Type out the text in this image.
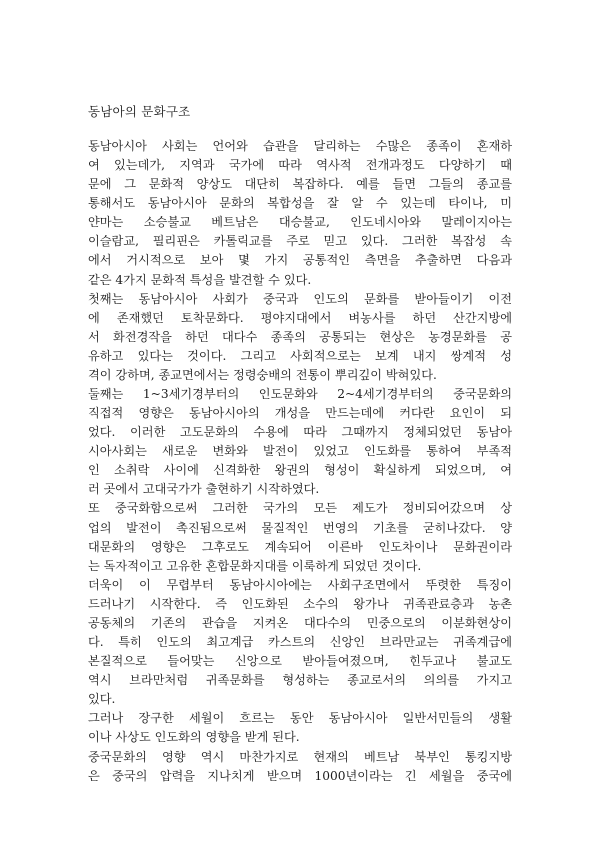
동남아의 문화구조
동남아시아 사회는 언어와 습관을 달리하는 수많은 종족이 혼재하
여 있는데가, 지역과 국가에 따라 역사적 전개과정도 다양하기 때
문에 그 문화적 양상도 대단히 복잡하다. 예를 들면 그들의 종교를
통해서도 동남아시아 문화의 복합성을 잘 알 수 있는데 타이나, 미
얀마는 소승불교 베트남은 대승불교, 인도네시아와 말레이지아는
이슬람교, 필리핀은 카톨릭교를 주로 믿고 있다. 그러한 복잡성 속
에서 거시적으로 보아 몇 가지 공통적인 측면을 추출하면 다음과
같은 4가지 문화적 특성을 발견할 수 있다.
첫째는 동남아시아 사회가 중국과 인도의 문화를 받아들이기 이전
에 존재했던 토착문화다. 평야지대에서 벼농사를 하던 산간지방에
서 화전경작을 하던 대다수 종족의 공통되는 현상은 농경문화를 공
유하고 있다는 것이다. 그리고 사회적으로는 보계 내지 쌍계적 성
격이 강하며, 종교면에서는 정령숭배의 전통이 뿌리깊이 박혀있다.
둘째는 1~3세기경부터의 인도문화와 2~4세기경부터의 중국문화의
직접적 영향은 동남아시아의 개성을 만드는데에 커다란 요인이 되
었다. 이러한 고도문화의 수용에 따라 그때까지 정체되었던 동남아
시아사회는 새로운 변화와 발전이 있었고 인도화를 통하여 부족적
인 소취락 사이에 신격화한 왕권의 형성이 확실하게 되었으며, 여
러 곳에서 고대국가가 출현하기 시작하였다.
또 중국화함으로써 그러한 국가의 모든 제도가 정비되어갔으며 상
업의 발전이 촉진됨으로써 물질적인 번영의 기초를 굳히나갔다. 양
대문화의 영향은 그후로도 계속되어 이른바 인도차이나 문화권이라
는 독자적이고 고유한 혼합문화지대를 이룩하게 되었던 것이다.
더욱이 이 무렵부터 동남아시아에는 사회구조면에서 뚜렷한 특징이
드러나기 시작한다. 즉 인도화된 소수의 왕가나 귀족관료층과 농촌
공동체의 기존의 관습을 지켜온 대다수의 민중으로의 이분화현상이
다. 특히 인도의 최고계급 카스트의 신앙인 브라만교는 귀족계급에
본질적으로 들어맞는 신앙으로 받아들여졌으며, 힌두교나 불교도
역시 브라만처럼 귀족문화를 형성하는 종교로서의 의의를 가지고
있다.
그러나 장구한 세월이 흐르는 동안 동남아시아 일반서민들의 생활
이나 사상도 인도화의 영향을 받게 된다.
중국문화의 영향 역시 마찬가지로 현재의 베트남 북부인 통킹지방
은 중국의 압력을 지나치게 받으며 1000년이라는 긴 세월을 중국에
